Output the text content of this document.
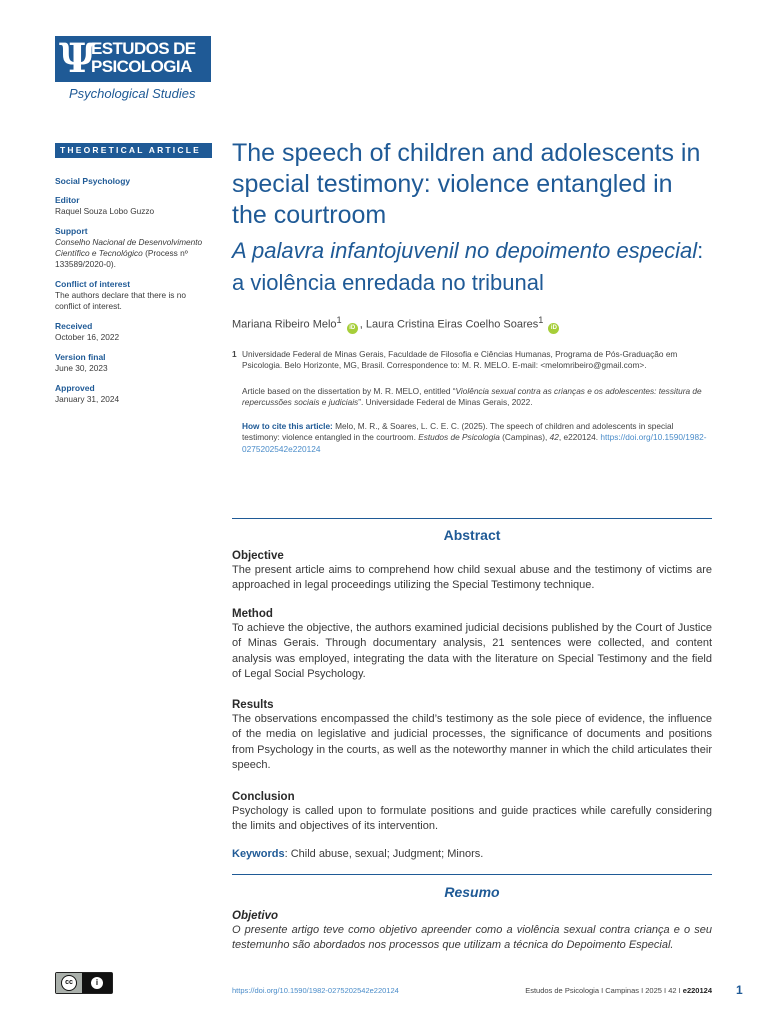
Ψ
ESTUDOS DE
PSICOLOGIA
Psychological Studies
THEORETICAL ARTICLE
Social Psychology
Editor
Raquel Souza Lobo Guzzo
Support
Conselho Nacional de Desenvolvimento Científico e Tecnológico (Process nº 133589/2020-0).
Conflict of interest
The authors declare that there is no conflict of interest.
Received
October 16, 2022
Version final
June 30, 2023
Approved
January 31, 2024
The speech of children and adolescents in special testimony: violence entangled in the courtroom
A palavra infantojuvenil no depoimento especial: a violência enredada no tribunal
Mariana Ribeiro Melo$^1$ iD , Laura Cristina Eiras Coelho Soares$^1$ iD
1 Universidade Federal de Minas Gerais, Faculdade de Filosofia e Ciências Humanas, Programa de Pós-Graduação em Psicologia. Belo Horizonte, MG, Brasil. Correspondence to: M. R. MELO. E-mail: <melomribeiro@gmail.com>.
Article based on the dissertation by M. R. MELO, entitled “Violência sexual contra as crianças e os adolescentes: tessitura de repercussões sociais e judiciais”. Universidade Federal de Minas Gerais, 2022.
How to cite this article: Melo, M. R., & Soares, L. C. E. C. (2025). The speech of children and adolescents in special testimony: violence entangled in the courtroom. Estudos de Psicologia (Campinas), 42, e220124. https://doi.org/10.1590/1982-0275202542e220124
Abstract
Objective
The present article aims to comprehend how child sexual abuse and the testimony of victims are approached in legal proceedings utilizing the Special Testimony technique.
Method
To achieve the objective, the authors examined judicial decisions published by the Court of Justice of Minas Gerais. Through documentary analysis, 21 sentences were collected, and content analysis was employed, integrating the data with the literature on Special Testimony and the field of Legal Social Psychology.
Results
The observations encompassed the child’s testimony as the sole piece of evidence, the influence of the media on legislative and judicial processes, the significance of documents and positions from Psychology in the courts, as well as the noteworthy manner in which the child articulates their speech.
Conclusion
Psychology is called upon to formulate positions and guide practices while carefully considering the limits and objectives of its intervention.
Keywords: Child abuse, sexual; Judgment; Minors.
Resumo
Objetivo
O presente artigo teve como objetivo apreender como a violência sexual contra criança e o seu testemunho são abordados nos processos que utilizam a técnica do Depoimento Especial.
cc	i
https://doi.org/10.1590/1982-0275202542e220124	Estudos de Psicologia I Campinas I 2025 I 42 I e220124 1
